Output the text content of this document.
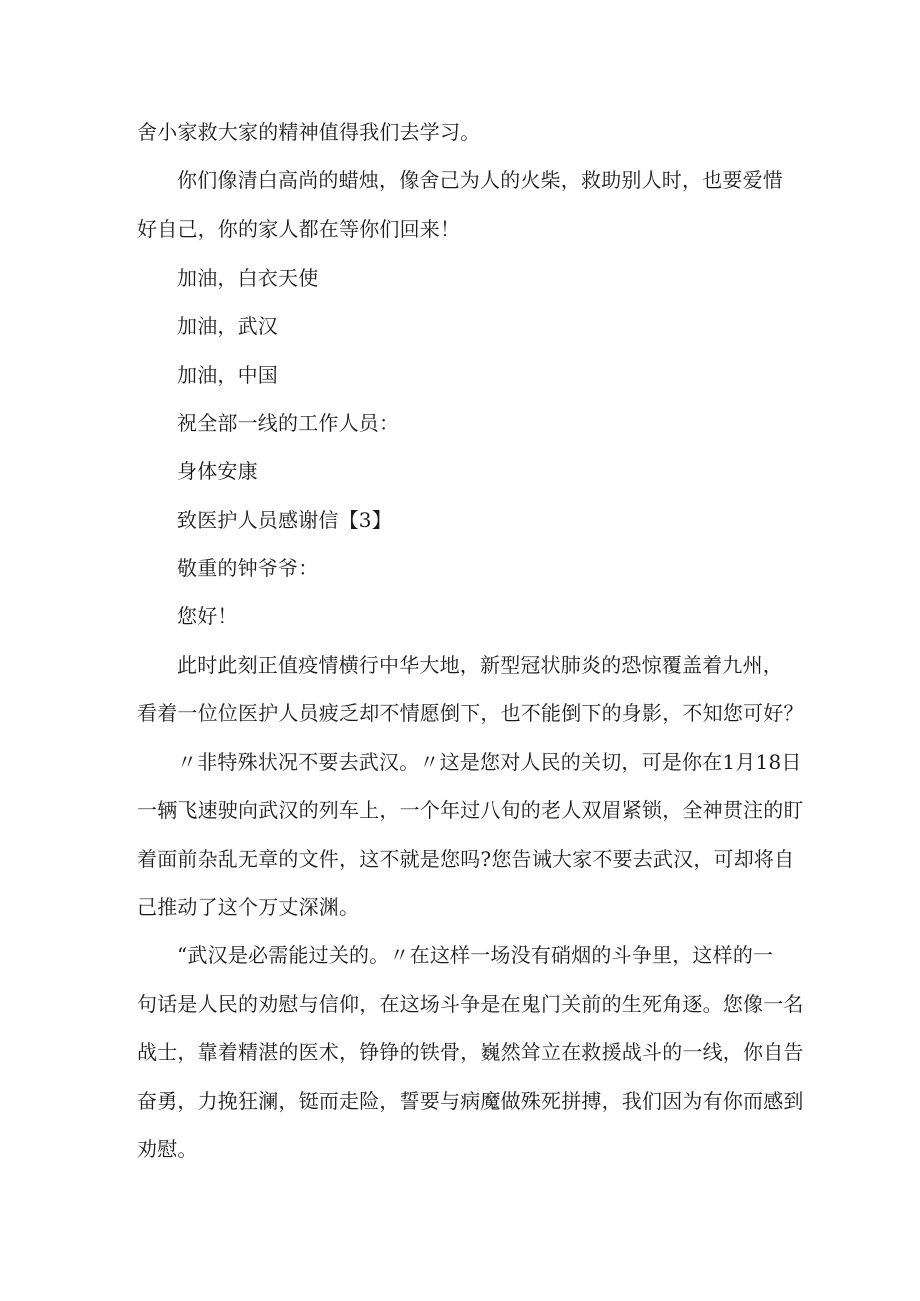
舍小家救大家的精神值得我们去学习。
你们像清白高尚的蜡烛，像舍己为人的火柴，救助别人时，也要爱惜
好自己，你的家人都在等你们回来！
加油，白衣天使
加油，武汉
加油，中国
祝全部一线的工作人员：
身体安康
致医护人员感谢信【3】
敬重的钟爷爷：
您好！
此时此刻正值疫情横行中华大地，新型冠状肺炎的恐惊覆盖着九州，
看着一位位医护人员疲乏却不情愿倒下，也不能倒下的身影，不知您可好？
〃非特殊状况不要去武汉。〃这是您对人民的关切，可是你在1月18日
一辆飞速驶向武汉的列车上，一个年过八旬的老人双眉紧锁，全神贯注的盯
着面前杂乱无章的文件，这不就是您吗?您告诫大家不要去武汉，可却将自
己推动了这个万丈深渊。
“武汉是必需能过关的。〃在这样一场没有硝烟的斗争里，这样的一
句话是人民的劝慰与信仰，在这场斗争是在鬼门关前的生死角逐。您像一名
战士，靠着精湛的医术，铮铮的铁骨，巍然耸立在救援战斗的一线，你自告
奋勇，力挽狂澜，铤而走险，誓要与病魔做殊死拼搏，我们因为有你而感到
劝慰。
